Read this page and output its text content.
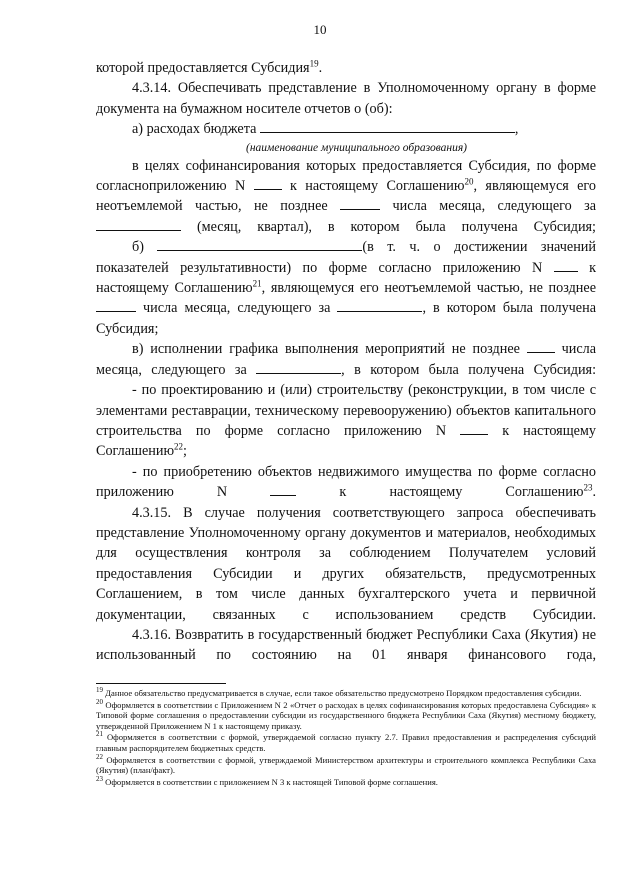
10

которой предоставляется Субсидия$^{19}$.

4.3.14. Обеспечивать представление в Уполномоченному органу в форме документа на бумажном носителе отчетов о (об):

а) расходах бюджета	,

(наименование муниципального образования)

в целях софинансирования которых предоставляется Субсидия, по форме согласноприложению N  к настоящему Соглашению$^{20}$, являющемуся его неотъемлемой частью, не позднее	числа месяца, следующего за  (месяц, квартал), в котором была получена Субсидия;

б)	(в т. ч. о достижении значений показателей результативности) по форме согласно приложению N  к настоящему Соглашению$^{21}$, являющемуся его неотъемлемой частью, не позднее  числа месяца, следующего за	, в котором была получена Субсидия;

в) исполнении графика выполнения мероприятий не позднее  числа месяца, следующего за	, в котором была получена Субсидия:

- по проектированию и (или) строительству (реконструкции, в том числе с элементами реставрации, техническому перевооружению) объектов капитального строительства по форме согласно приложению N  к настоящему Соглашению$^{22}$;

- по приобретению объектов недвижимого имущества по форме согласно приложению N  к настоящему Соглашению$^{23}$.

4.3.15. В случае получения соответствующего запроса обеспечивать представление Уполномоченному органу документов и материалов, необходимых для осуществления контроля за соблюдением Получателем условий предоставления Субсидии и других обязательств, предусмотренных Соглашением, в том числе данных бухгалтерского учета и первичной документации, связанных с использованием средств Субсидии.

4.3.16. Возвратить в государственный бюджет Республики Саха (Якутия) не использованный по состоянию на 01 января финансового года,

$^{19}$ Данное обязательство предусматривается в случае, если такое обязательство предусмотрено Порядком предоставления субсидии.

$^{20}$ Оформляется в соответствии с Приложением N 2 «Отчет о расходах в целях софинансирования которых предоставлена Субсидия» к Типовой форме соглашения о предоставлении субсидии из государственного бюджета Республики Саха (Якутия) местному бюджету, утвержденной Приложением N 1 к настоящему приказу.

$^{21}$ Оформляется в соответствии с формой, утверждаемой согласно пункту 2.7. Правил предоставления и распределения субсидий главным распорядителем бюджетных средств.

$^{22}$ Оформляется в соответствии с формой, утверждаемой Министерством архитектуры и строительного комплекса Республики Саха (Якутия) (план/факт).

$^{23}$ Оформляется в соответствии с приложением N 3 к настоящей Типовой форме соглашения.
